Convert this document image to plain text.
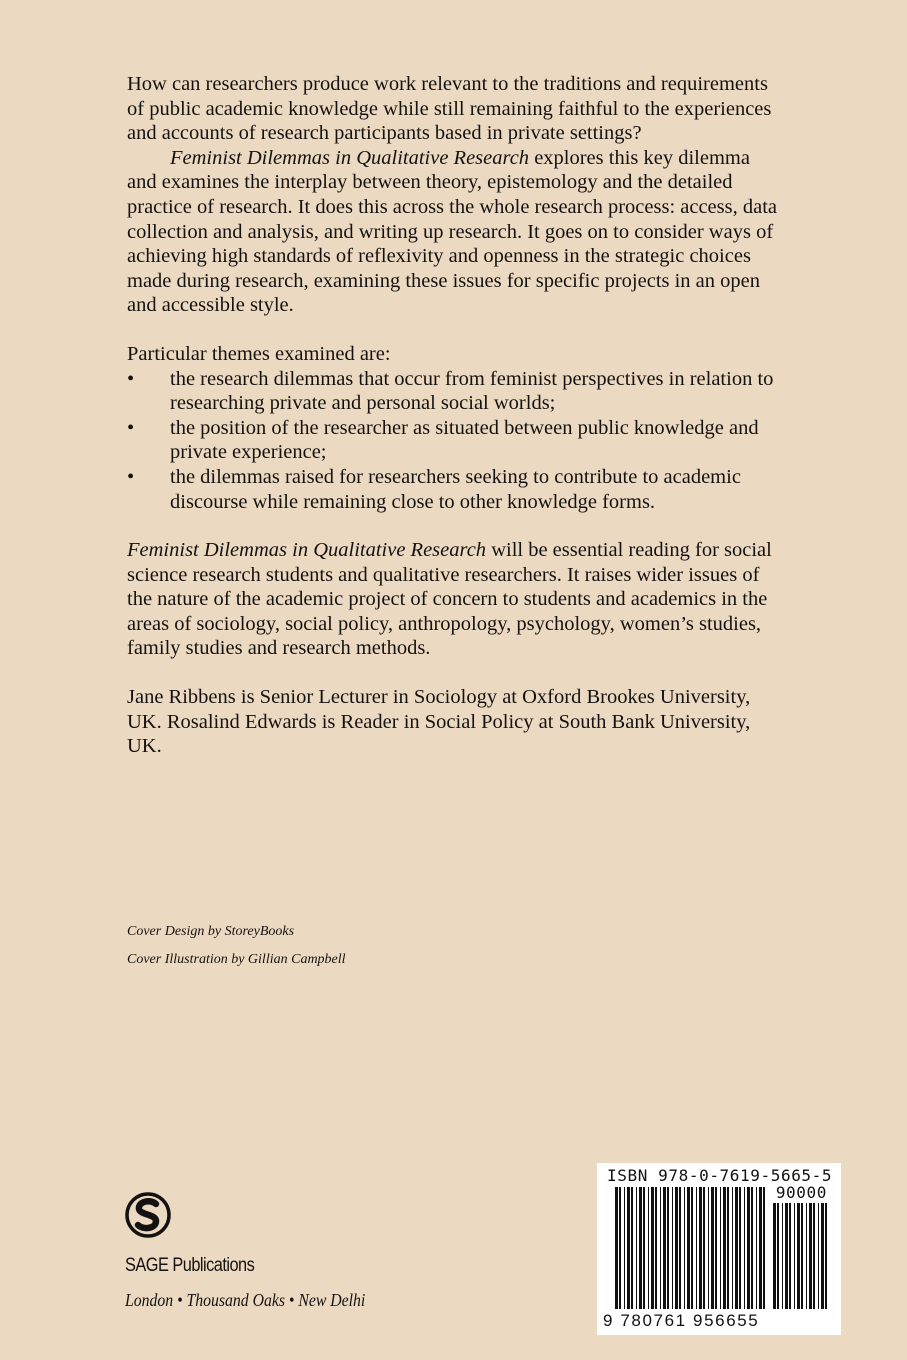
How can researchers produce work relevant to the traditions and requirements of public academic knowledge while still remaining faithful to the experiences and accounts of research participants based in private settings?

Feminist Dilemmas in Qualitative Research explores this key dilemma and examines the interplay between theory, epistemology and the detailed practice of research. It does this across the whole research process: access, data collection and analysis, and writing up research. It goes on to consider ways of achieving high standards of reflexivity and openness in the strategic choices made during research, examining these issues for specific projects in an open and accessible style.

Particular themes examined are:

• the research dilemmas that occur from feminist perspectives in relation to researching private and personal social worlds;
• the position of the researcher as situated between public knowledge and private experience;
• the dilemmas raised for researchers seeking to contribute to academic discourse while remaining close to other knowledge forms.

Feminist Dilemmas in Qualitative Research will be essential reading for social science research students and qualitative researchers. It raises wider issues of the nature of the academic project of concern to students and academics in the areas of sociology, social policy, anthropology, psychology, women’s studies, family studies and research methods.

Jane Ribbens is Senior Lecturer in Sociology at Oxford Brookes University, UK. Rosalind Edwards is Reader in Social Policy at South Bank University, UK.

Cover Design by StoreyBooks
Cover Illustration by Gillian Campbell
SAGE Publications
London • Thousand Oaks • New Delhi
ISBN 978-0-7619-5665-5
90000
9 780761 956655
